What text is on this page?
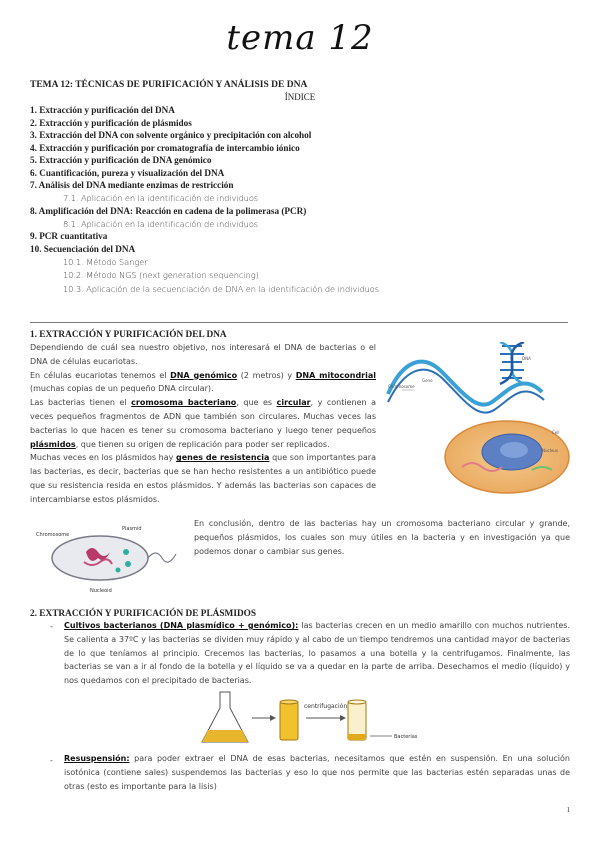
tema 12
TEMA 12: TÉCNICAS DE PURIFICACIÓN Y ANÁLISIS DE DNA
ÍNDICE
1. Extracción y purificación del DNA
2. Extracción y purificación de plásmidos
3. Extracción del DNA con solvente orgánico y precipitación con alcohol
4. Extracción y purificación por cromatografía de intercambio iónico
5. Extracción y purificación de DNA genómico
6. Cuantificación, pureza y visualización del DNA
7. Análisis del DNA mediante enzimas de restricción
7.1. Aplicación en la identificación de individuos
8. Amplificación del DNA: Reacción en cadena de la polimerasa (PCR)
8.1. Aplicación en la identificación de individuos
9. PCR cuantitativa
10. Secuenciación del DNA
10.1. Método Sanger
10.2. Método NGS (next generation sequencing)
10.3. Aplicación de la secuenciación de DNA en la identificación de individuos
1. EXTRACCIÓN Y PURIFICACIÓN DEL DNA
Dependiendo de cuál sea nuestro objetivo, nos interesará el DNA de bacterias o el DNA de células eucariotas.
En células eucariotas tenemos el DNA genómico (2 metros) y DNA mitocondrial (muchas copias de un pequeño DNA circular).
Las bacterias tienen el cromosoma bacteriano, que es circular, y contienen a veces pequeños fragmentos de ADN que también son circulares. Muchas veces las bacterias lo que hacen es tener su cromosoma bacteriano y luego tener pequeños plásmidos, que tienen su origen de replicación para poder ser replicados.
Muchas veces en los plásmidos hay genes de resistencia que son importantes para las bacterias, es decir, bacterias que se han hecho resistentes a un antibiótico puede que su resistencia resida en estos plásmidos. Y además las bacterias son capaces de intercambiarse estos plásmidos.
Chromosome
Gene
DNA
Cell
Nucleus
Chromosome
Plasmid
Nucleoid
En conclusión, dentro de las bacterias hay un cromosoma bacteriano circular y grande, pequeños plásmidos, los cuales son muy útiles en la bacteria y en investigación ya que podemos donar o cambiar sus genes.
2. EXTRACCIÓN Y PURIFICACIÓN DE PLÁSMIDOS
- Cultivos bacterianos (DNA plasmídico + genómico): las bacterias crecen en un medio amarillo con muchos nutrientes. Se calienta a 37ºC y las bacterias se dividen muy rápido y al cabo de un tiempo tendremos una cantidad mayor de bacterias de lo que teníamos al principio. Crecemos las bacterias, lo pasamos a una botella y la centrifugamos. Finalmente, las bacterias se van a ir al fondo de la botella y el líquido se va a quedar en la parte de arriba. Desechamos el medio (líquido) y nos quedamos con el precipitado de bacterias.
centrifugación
Bacterias
- Resuspensión: para poder extraer el DNA de esas bacterias, necesitamos que estén en suspensión. En una solución isotónica (contiene sales) suspendemos las bacterias y eso lo que nos permite que las bacterias estén separadas unas de otras (esto es importante para la lisis)
1
